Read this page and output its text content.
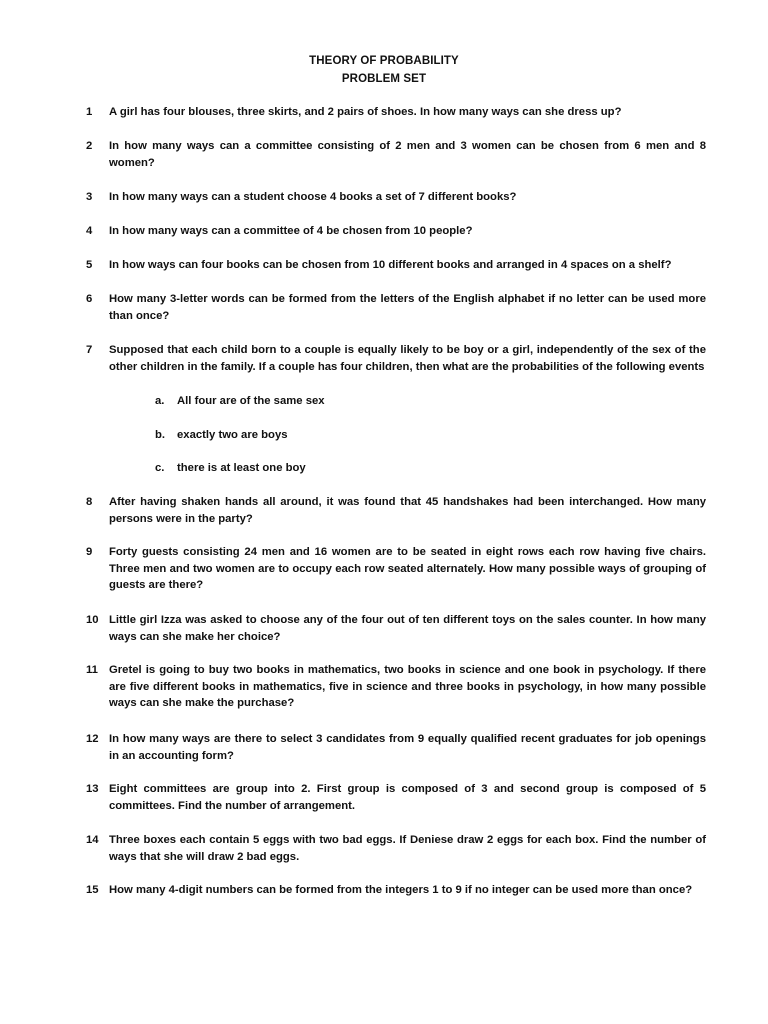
THEORY OF PROBABILITY
PROBLEM SET
1 A girl has four blouses, three skirts, and 2 pairs of shoes. In how many ways can she dress up?
2 In how many ways can a committee consisting of 2 men and 3 women can be chosen from 6 men and 8 women?
3 In how many ways can a student choose 4 books a set of 7 different books?
4 In how many ways can a committee of 4 be chosen from 10 people?
5 In how ways can four books can be chosen from 10 different books and arranged in 4 spaces on a shelf?
6 How many 3-letter words can be formed from the letters of the English alphabet if no letter can be used more than once?
7 Supposed that each child born to a couple is equally likely to be boy or a girl, independently of the sex of the other children in the family. If a couple has four children, then what are the probabilities of the following events
a. All four are of the same sex
b. exactly two are boys
c. there is at least one boy
8 After having shaken hands all around, it was found that 45 handshakes had been interchanged. How many persons were in the party?
9 Forty guests consisting 24 men and 16 women are to be seated in eight rows each row having five chairs. Three men and two women are to occupy each row seated alternately. How many possible ways of grouping of guests are there?
10 Little girl Izza was asked to choose any of the four out of ten different toys on the sales counter. In how many ways can she make her choice?
11 Gretel is going to buy two books in mathematics, two books in science and one book in psychology. If there are five different books in mathematics, five in science and three books in psychology, in how many possible ways can she make the purchase?
12 In how many ways are there to select 3 candidates from 9 equally qualified recent graduates for job openings in an accounting form?
13 Eight committees are group into 2. First group is composed of 3 and second group is composed of 5 committees. Find the number of arrangement.
14 Three boxes each contain 5 eggs with two bad eggs. If Deniese draw 2 eggs for each box. Find the number of ways that she will draw 2 bad eggs.
15 How many 4-digit numbers can be formed from the integers 1 to 9 if no integer can be used more than once?
